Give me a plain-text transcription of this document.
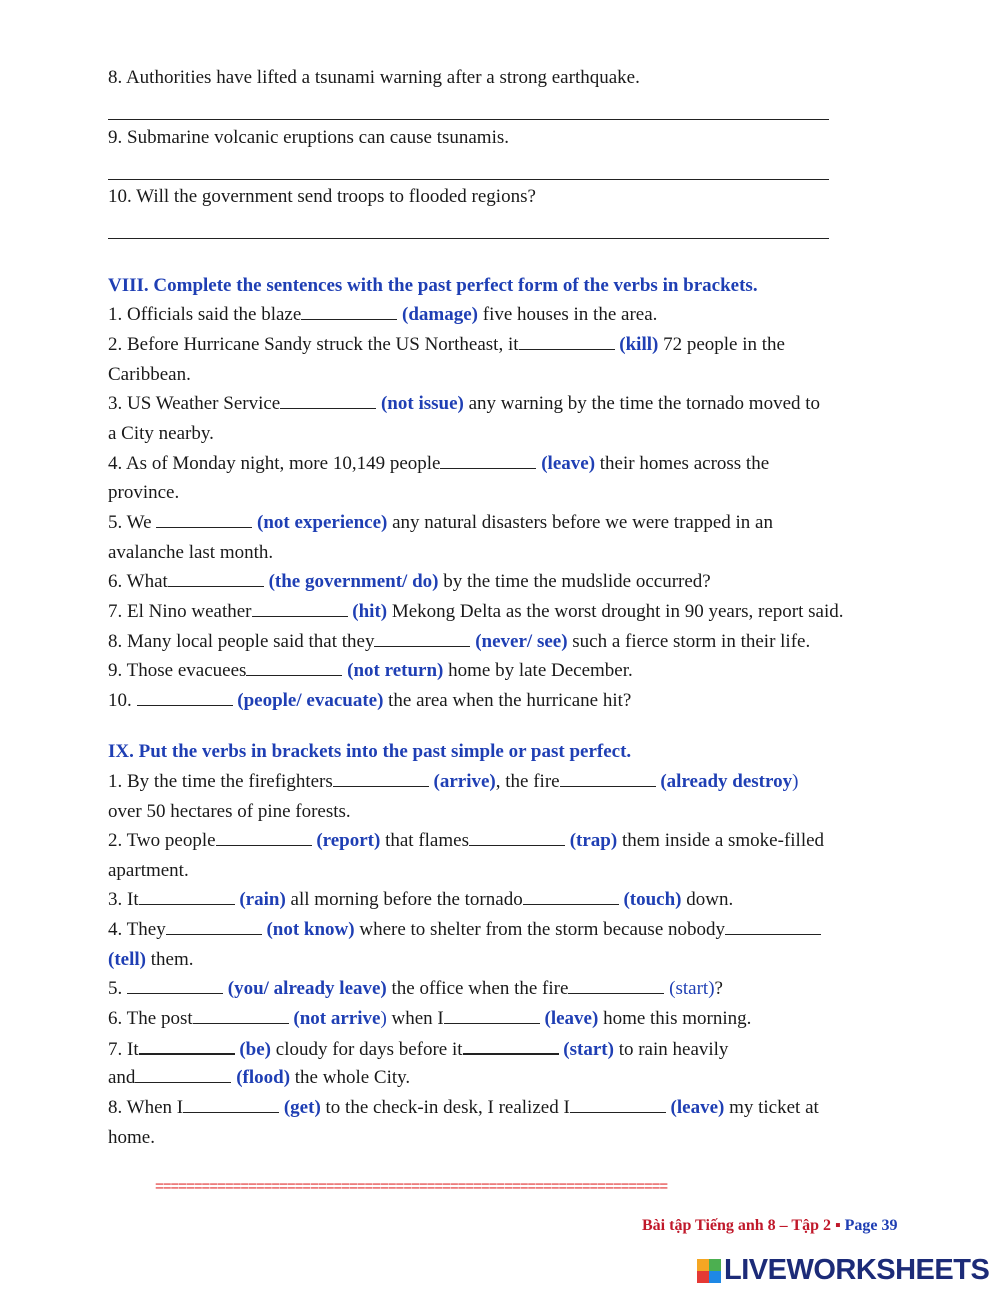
8. Authorities have lifted a tsunami warning after a strong earthquake.
9. Submarine volcanic eruptions can cause tsunamis.
10. Will the government send troops to flooded regions?
VIII. Complete the sentences with the past perfect form of the verbs in brackets.
1. Officials said the blaze	(damage) five houses in the area.
2. Before Hurricane Sandy struck the US Northeast, it	(kill) 72 people in the
Caribbean.
3. US Weather Service	(not issue) any warning by the time the tornado moved to
a City nearby.
4. As of Monday night, more 10,149 people	(leave) their homes across the
province.
5. We	(not experience) any natural disasters before we were trapped in an
avalanche last month.
6. What	(the government/ do) by the time the mudslide occurred?
7. El Nino weather	(hit) Mekong Delta as the worst drought in 90 years, report said.
8. Many local people said that they	(never/ see) such a fierce storm in their life.
9. Those evacuees	(not return) home by late December.
10.	(people/ evacuate) the area when the hurricane hit?
IX. Put the verbs in brackets into the past simple or past perfect.
1. By the time the firefighters	(arrive), the fire	(already destroy)
over 50 hectares of pine forests.
2. Two people	(report) that flames	(trap) them inside a smoke-filled
apartment.
3. It	(rain) all morning before the tornado	(touch) down.
4. They	(not know) where to shelter from the storm because nobody
(tell) them.
5.	(you/ already leave) the office when the fire	(start)?
6. The post	(not arrive) when I	(leave) home this morning.
7. It	(be) cloudy for days before it	(start) to rain heavily
and	(flood) the whole City.
8. When I	(get) to the check-in desk, I realized I	(leave) my ticket at
home.
==================================================================
Bài tập Tiếng anh 8 – Tập 2 ▪ Page 39
LIVEWORKSHEETS
